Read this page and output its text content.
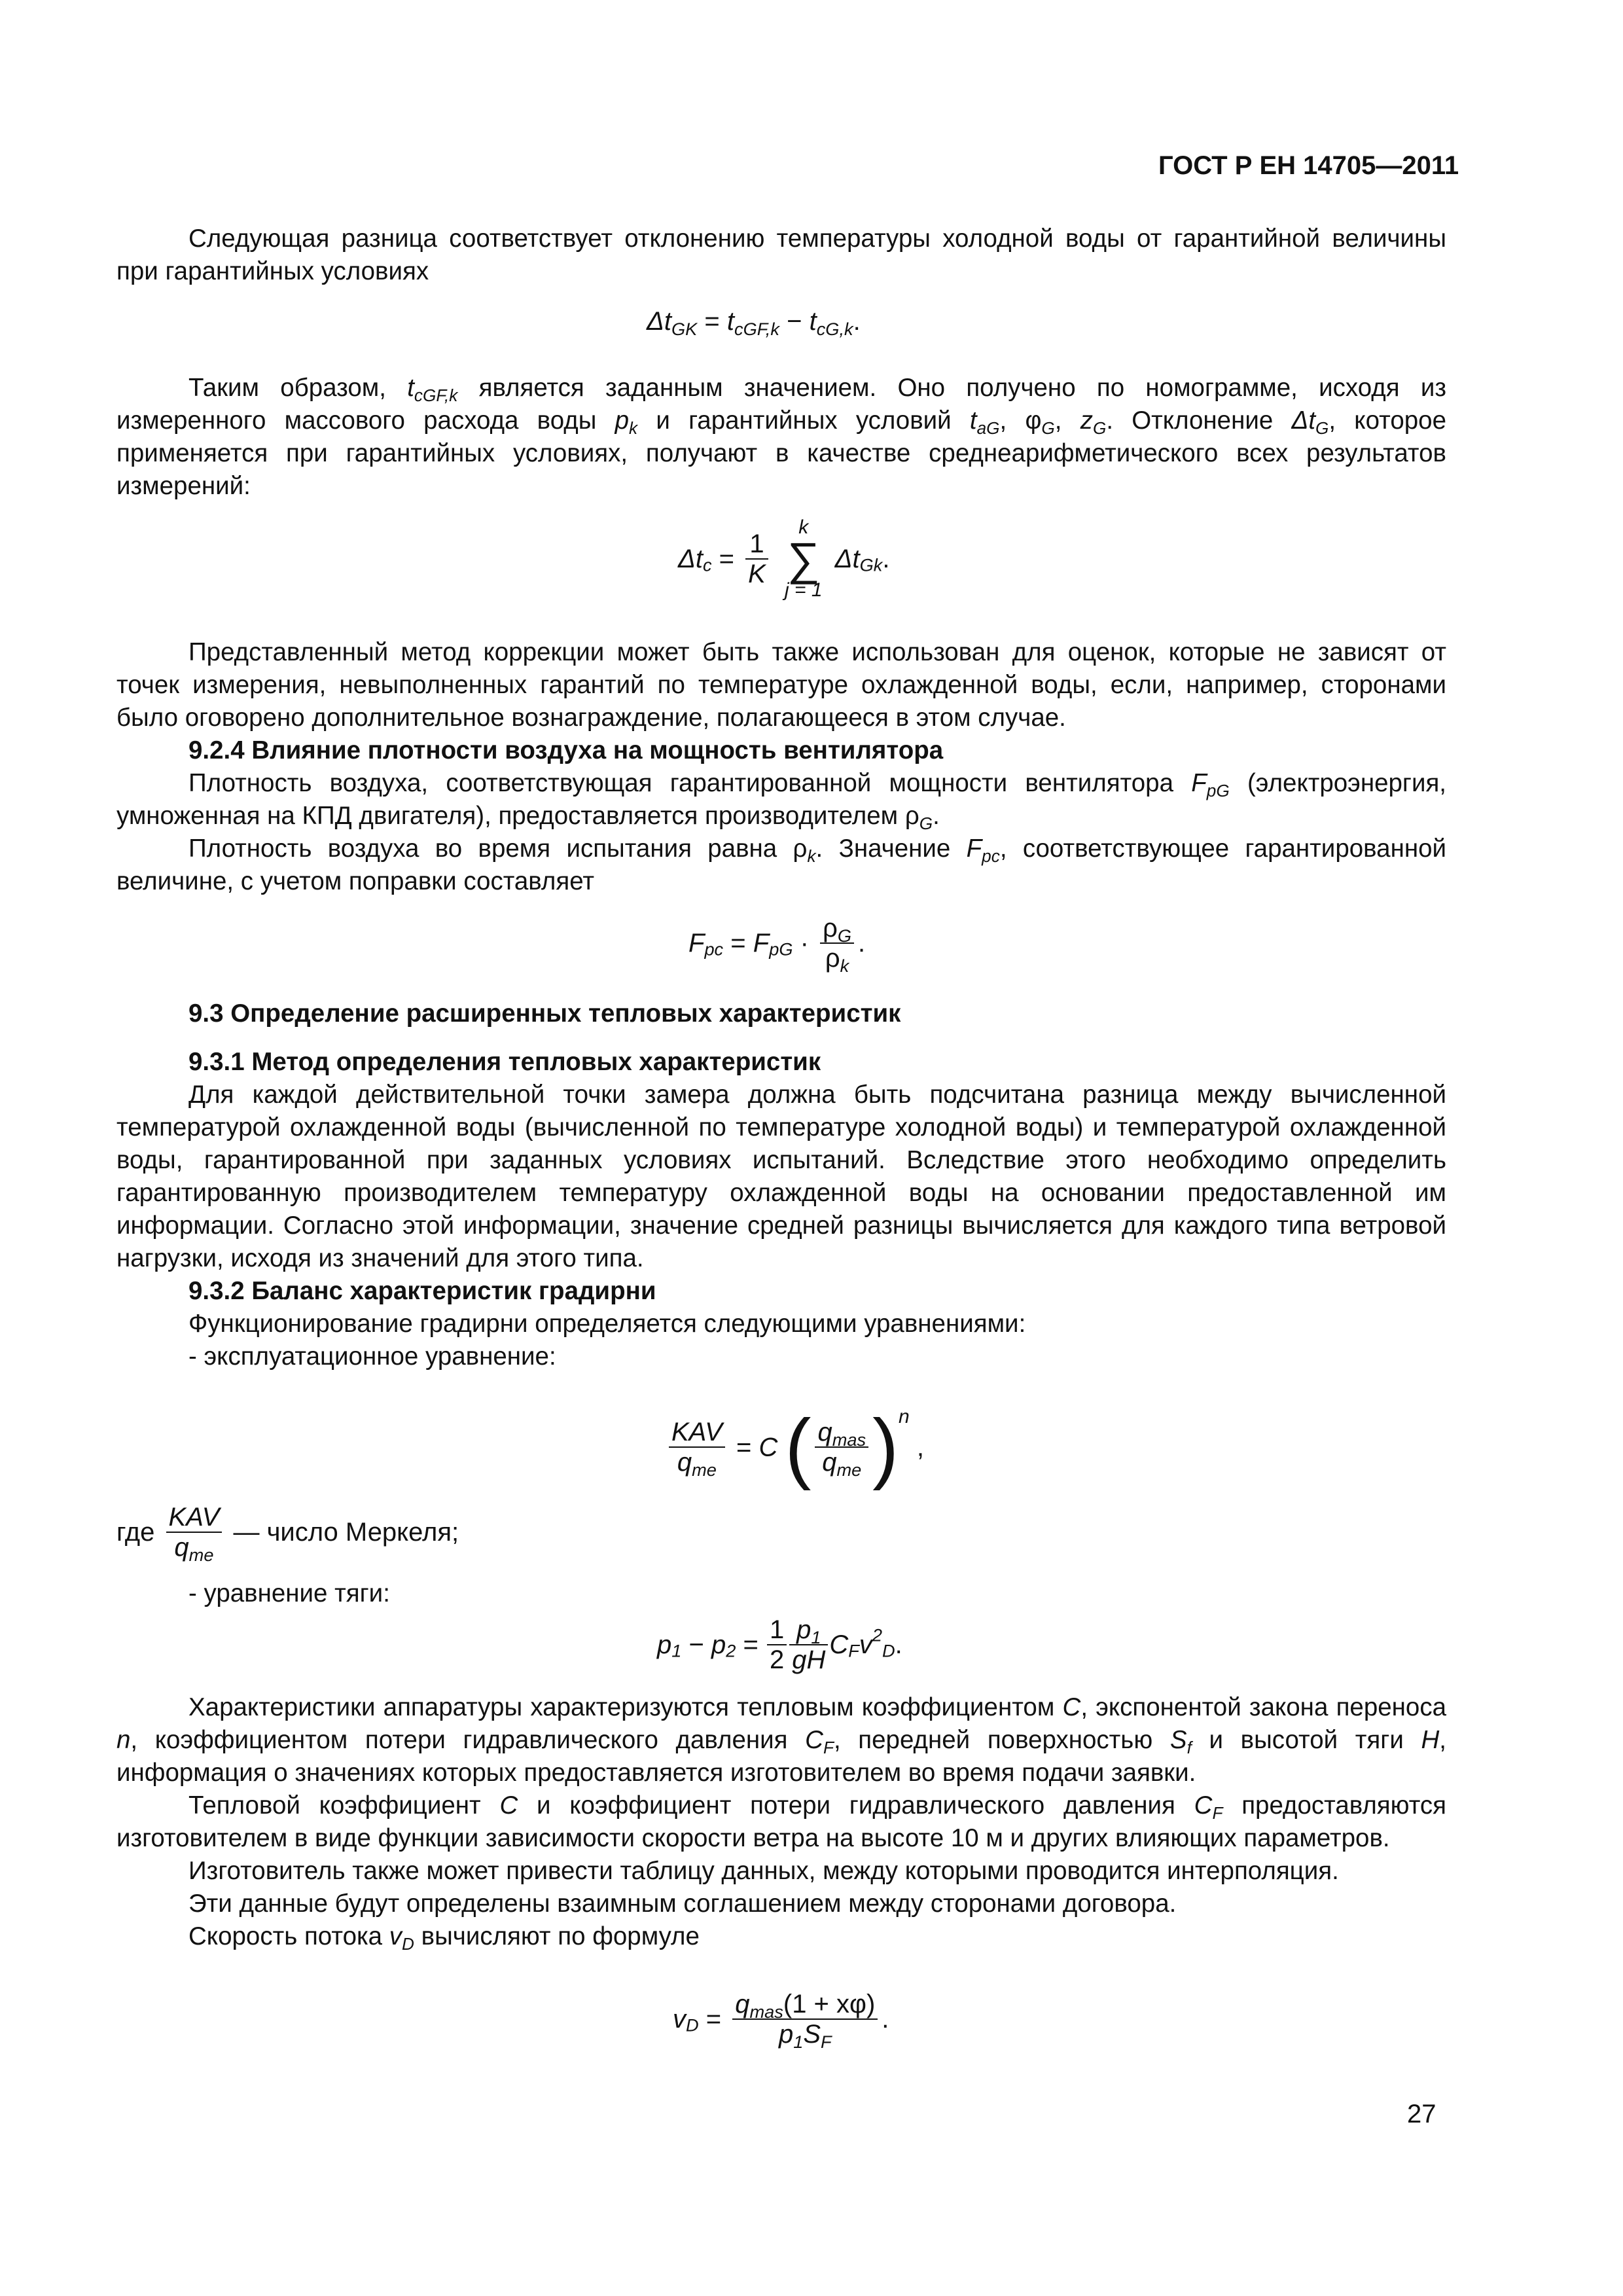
ГОСТ Р ЕН 14705—2011

Следующая разница соответствует отклонению температуры холодной воды от гарантийной величины при гарантийных условиях

$\Delta t_{GK} = t_{cGF,k} - t_{cG,k}$.

Таким образом, $t_{cGF,k}$ является заданным значением. Оно получено по номограмме, исходя из измеренного массового расхода воды $p_k$ и гарантийных условий $t_{aG}$, $\varphi_G$, $z_G$. Отклонение $\Delta t_G$, которое применяется при гарантийных условиях, получают в качестве среднеарифметического всех результатов измерений:

$\Delta t_c = \frac{1}{K}$

k
∑
j = 1
$\Delta t_{Gk}$.

Представленный метод коррекции может быть также использован для оценок, которые не зависят от точек измерения, невыполненных гарантий по температуре охлажденной воды, если, например, сторонами было оговорено дополнительное вознаграждение, полагающееся в этом случае.

9.2.4 Влияние плотности воздуха на мощность вентилятора

Плотность воздуха, соответствующая гарантированной мощности вентилятора $F_{pG}$ (электроэнергия, умноженная на КПД двигателя), предоставляется производителем $\rho_G$.

Плотность воздуха во время испытания равна $\rho_k$. Значение $F_{pc}$, соответствующее гарантированной величине, с учетом поправки составляет

$F_{pc} = F_{pG} \cdot \frac{\rho_G}{\rho_k}$ .

9.3 Определение расширенных тепловых характеристик

9.3.1 Метод определения тепловых характеристик

Для каждой действительной точки замера должна быть подсчитана разница между вычисленной температурой охлажденной воды (вычисленной по температуре холодной воды) и температурой охлажденной воды, гарантированной при заданных условиях испытаний. Вследствие этого необходимо определить гарантированную производителем температуру охлажденной воды на основании предоставленной им информации. Согласно этой информации, значение средней разницы вычисляется для каждого типа ветровой нагрузки, исходя из значений для этого типа.

9.3.2 Баланс характеристик градирни

Функционирование градирни определяется следующими уравнениями:

- эксплуатационное уравнение:

$\frac{\text{KAV}}{q_{me}} = C$ ( $\frac{q_{mas}}{q_{me}} )^n$ ,
где $\frac{\text{KAV}}{q_{me}}$ — число Меркеля;

- уравнение тяги:

$p_1 - p_2 = \frac{1}{2} \frac{p_1}{gH} C_Fv^2_D$.

Характеристики аппаратуры характеризуются тепловым коэффициентом C, экспонентой закона переноса n, коэффициентом потери гидравлического давления $C_F$, передней поверхностью $S_f$ и высотой тяги H, информация о значениях которых предоставляется изготовителем во время подачи заявки.

Тепловой коэффициент C и коэффициент потери гидравлического давления $C_F$ предоставляются изготовителем в виде функции зависимости скорости ветра на высоте 10 м и других влияющих параметров.

Изготовитель также может привести таблицу данных, между которыми проводится интерполяция.

Эти данные будут определены взаимным соглашением между сторонами договора.

Скорость потока $v_D$ вычисляют по формуле

$v_D = \frac{q_{mas}(1 + x\varphi)}{p_1S_F}$ .
27
